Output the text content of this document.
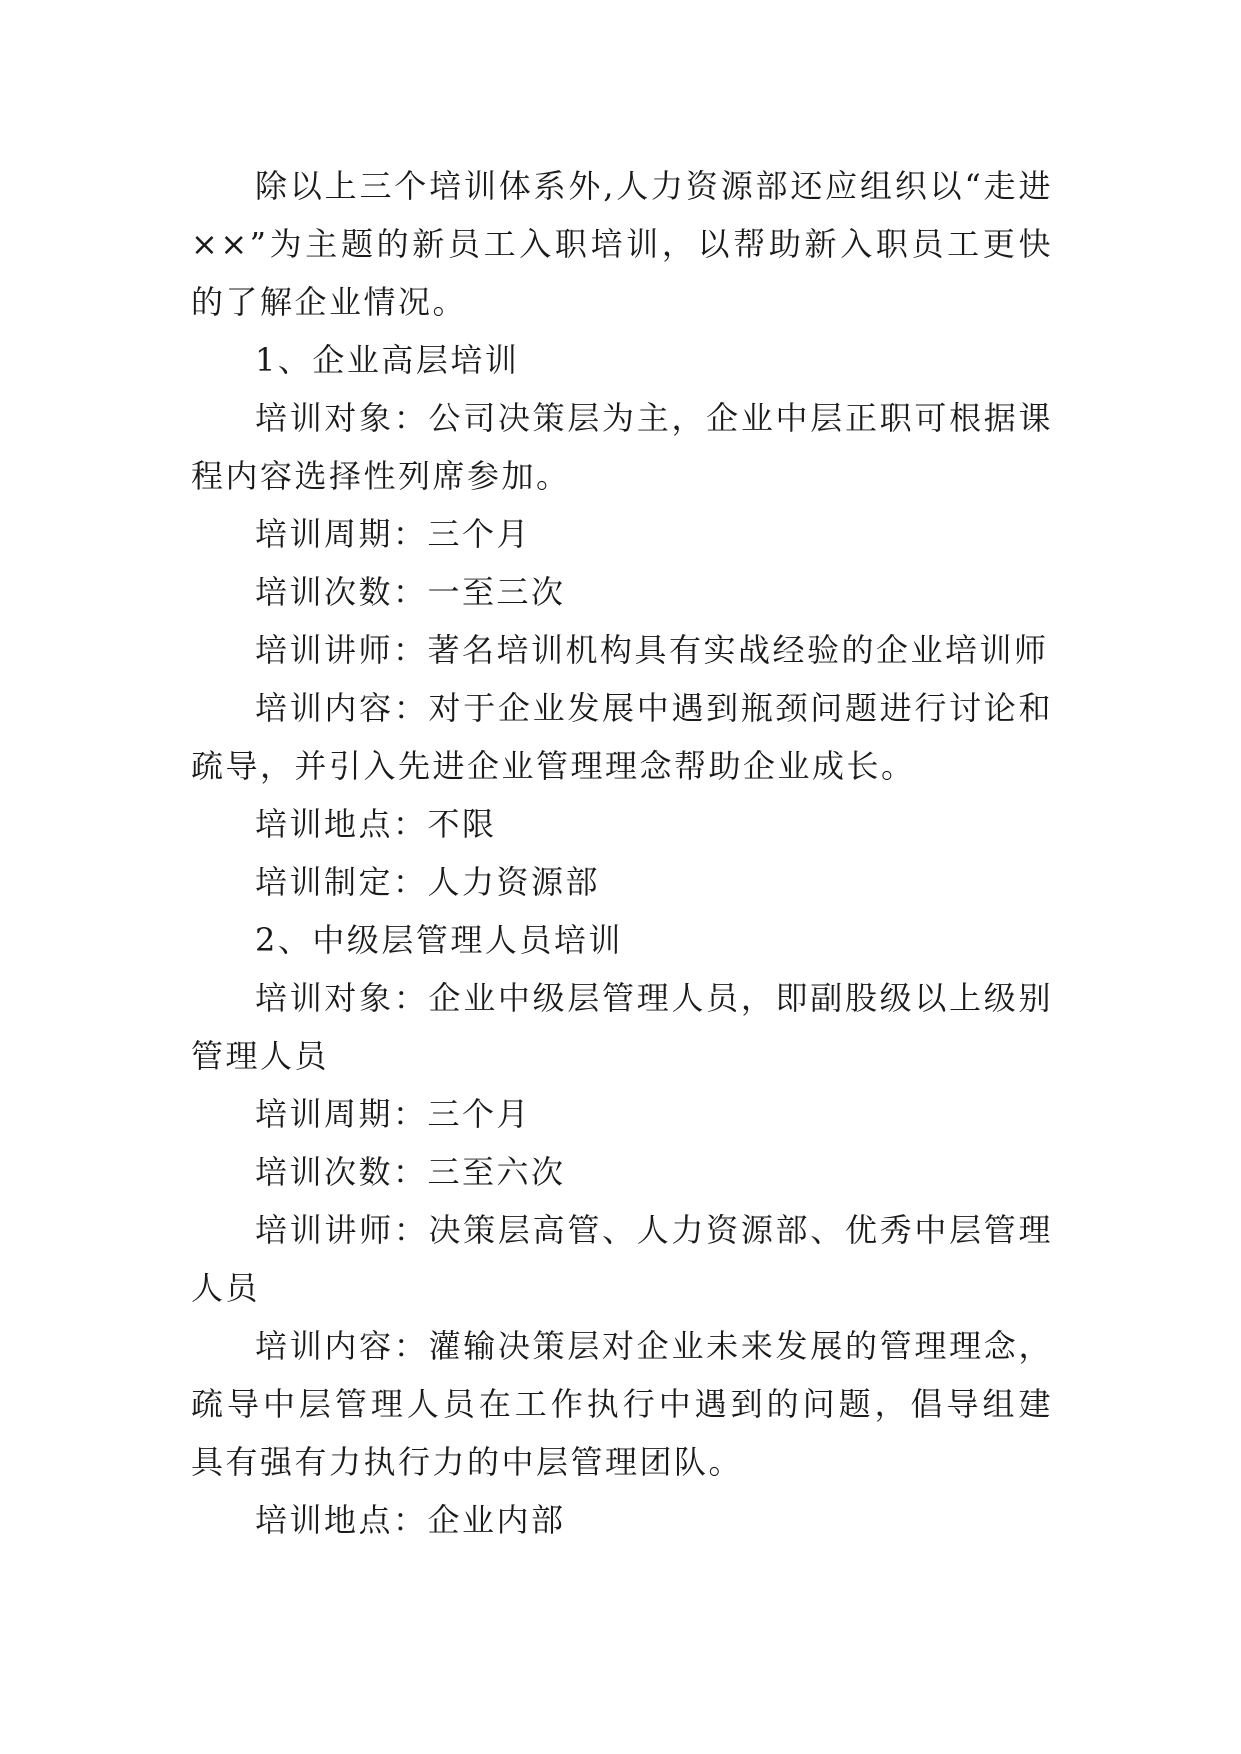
除以上三个培训体系外,人力资源部还应组织以“走进××”为主题的新员工入职培训，以帮助新入职员工更快的了解企业情况。

1、企业高层培训

培训对象：公司决策层为主，企业中层正职可根据课程内容选择性列席参加。

培训周期：三个月

培训次数：一至三次

培训讲师：著名培训机构具有实战经验的企业培训师

培训内容：对于企业发展中遇到瓶颈问题进行讨论和疏导，并引入先进企业管理理念帮助企业成长。

培训地点：不限

培训制定：人力资源部

2、中级层管理人员培训

培训对象：企业中级层管理人员，即副股级以上级别管理人员

培训周期：三个月

培训次数：三至六次

培训讲师：决策层高管、人力资源部、优秀中层管理人员

培训内容：灌输决策层对企业未来发展的管理理念，疏导中层管理人员在工作执行中遇到的问题，倡导组建具有强有力执行力的中层管理团队。

培训地点：企业内部
